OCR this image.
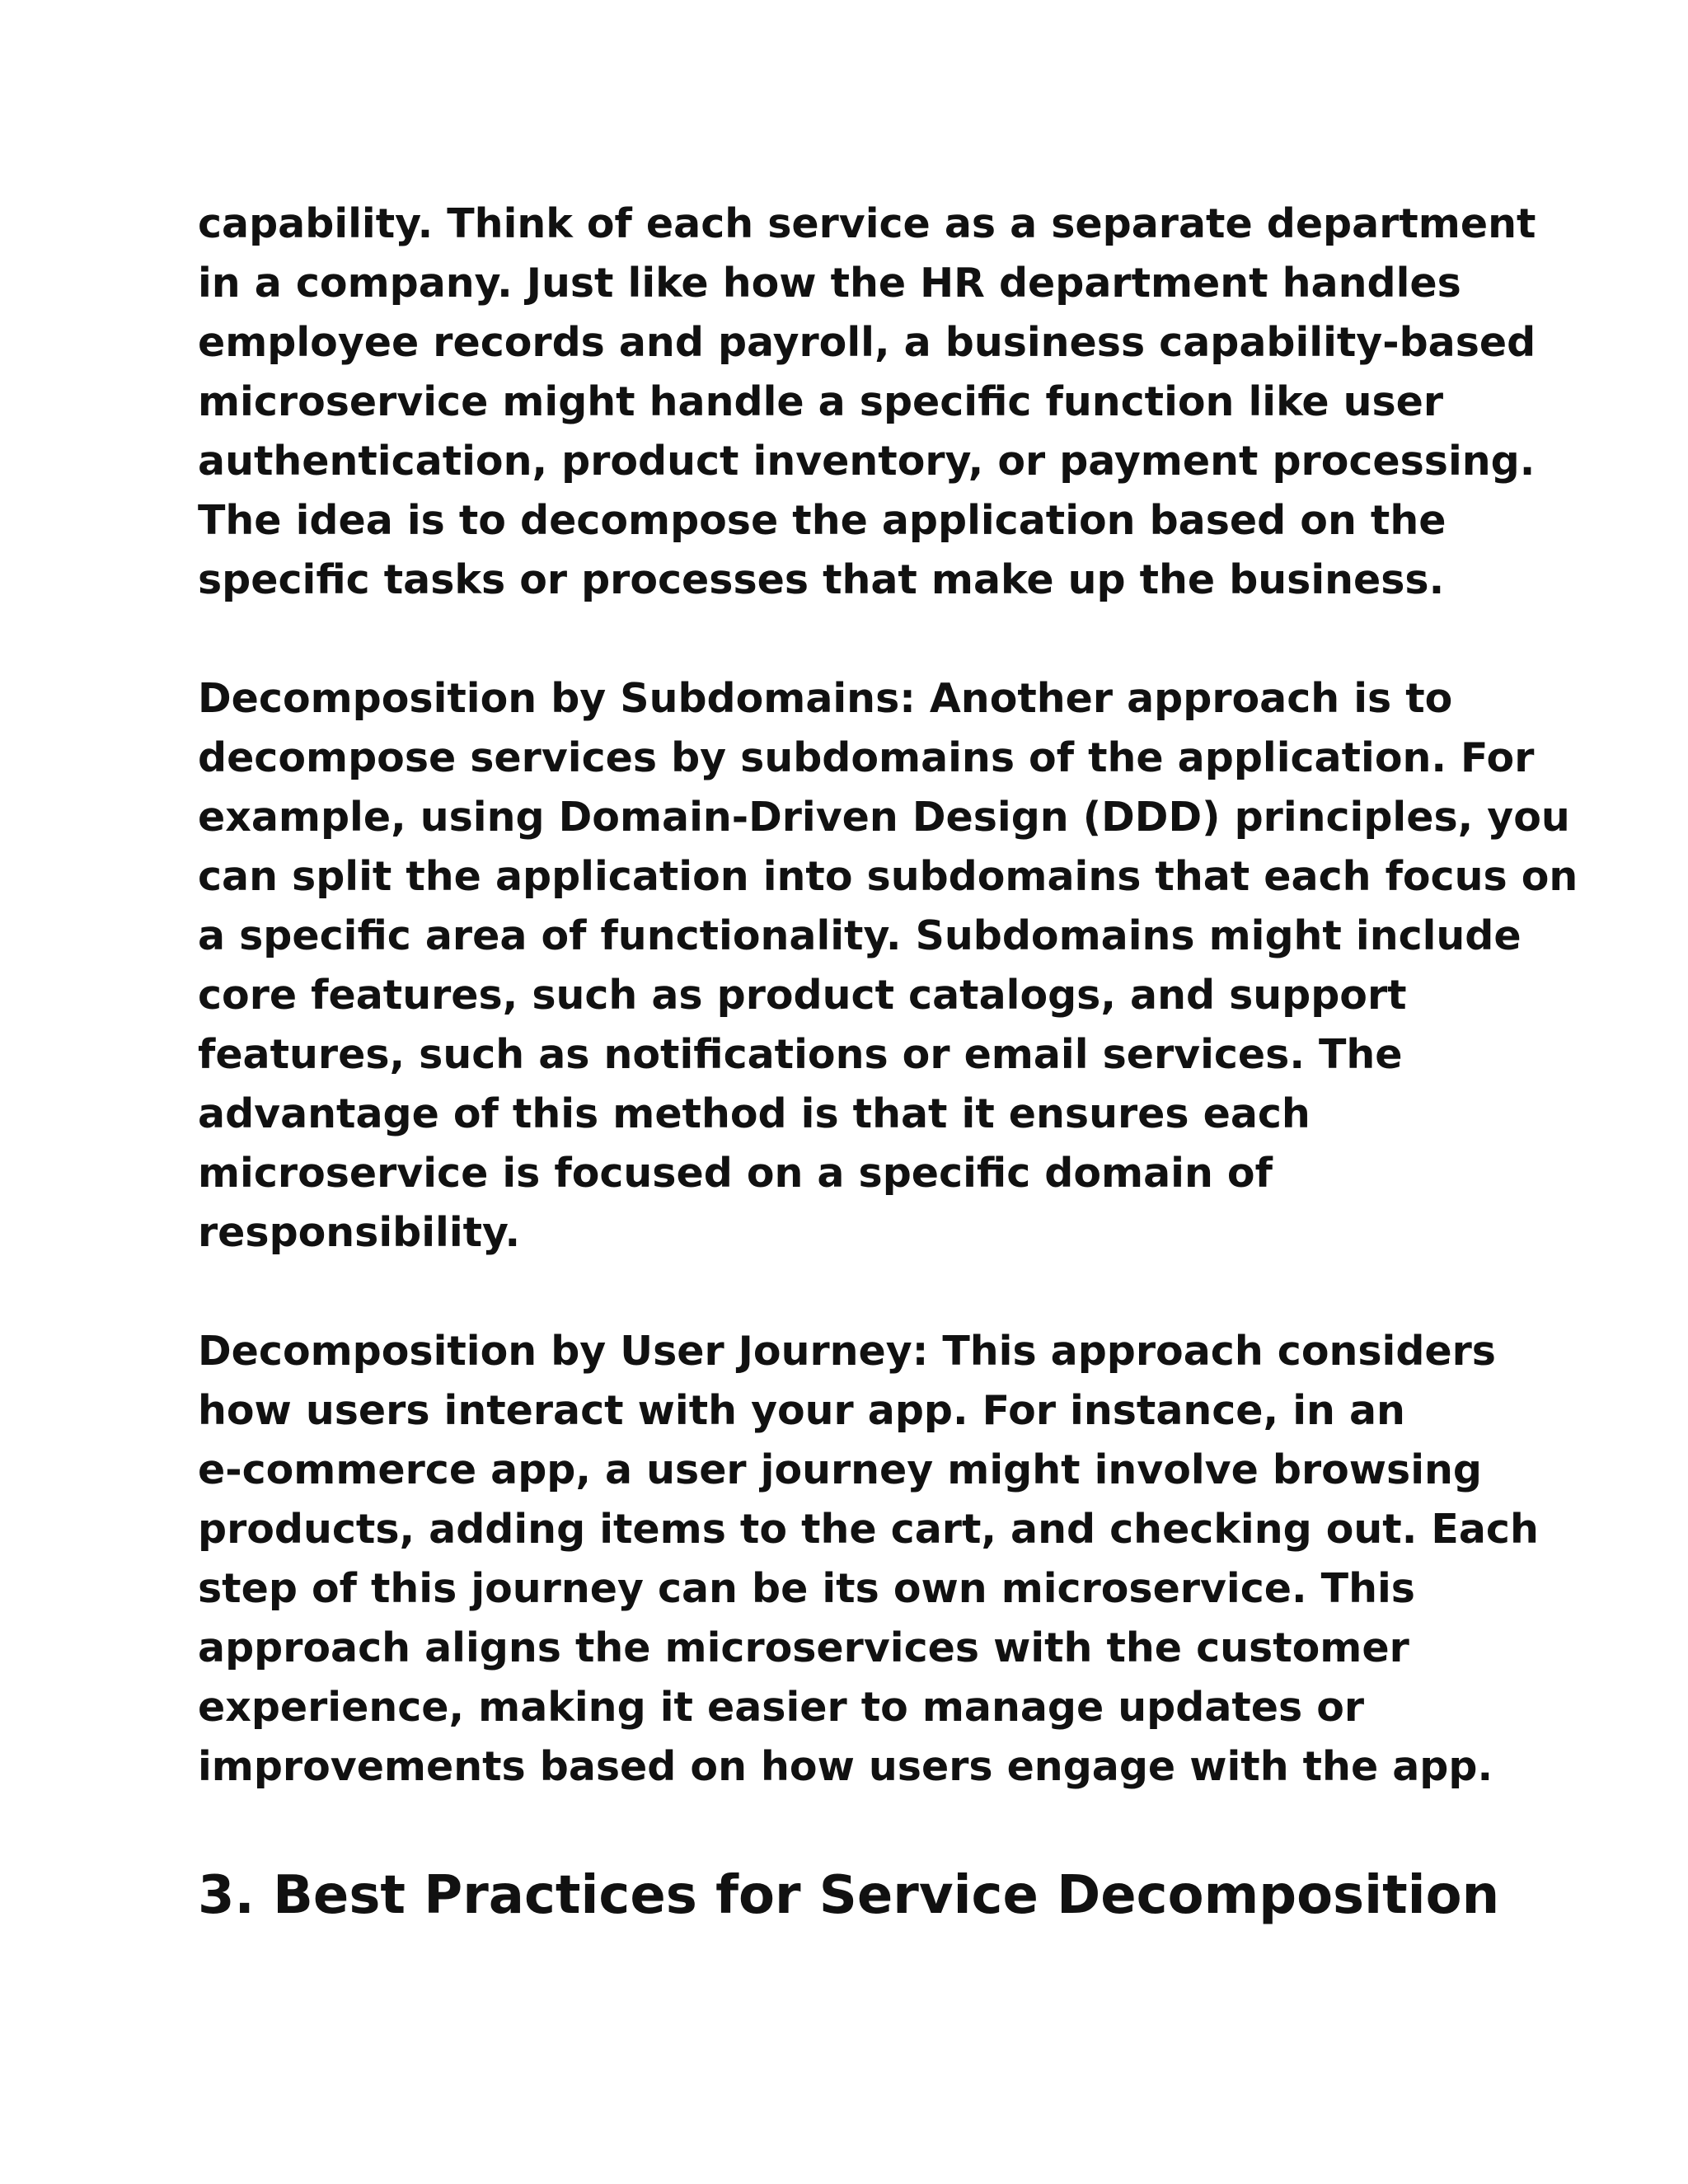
capability. Think of each service as a separate department
in a company. Just like how the HR department handles
employee records and payroll, a business capability-based
microservice might handle a specific function like user
authentication, product inventory, or payment processing.
The idea is to decompose the application based on the
specific tasks or processes that make up the business.

Decomposition by Subdomains: Another approach is to
decompose services by subdomains of the application. For
example, using Domain-Driven Design (DDD) principles, you
can split the application into subdomains that each focus on
a specific area of functionality. Subdomains might include
core features, such as product catalogs, and support
features, such as notifications or email services. The
advantage of this method is that it ensures each
microservice is focused on a specific domain of
responsibility.

Decomposition by User Journey: This approach considers
how users interact with your app. For instance, in an
e-commerce app, a user journey might involve browsing
products, adding items to the cart, and checking out. Each
step of this journey can be its own microservice. This
approach aligns the microservices with the customer
experience, making it easier to manage updates or
improvements based on how users engage with the app.

3. Best Practices for Service Decomposition
